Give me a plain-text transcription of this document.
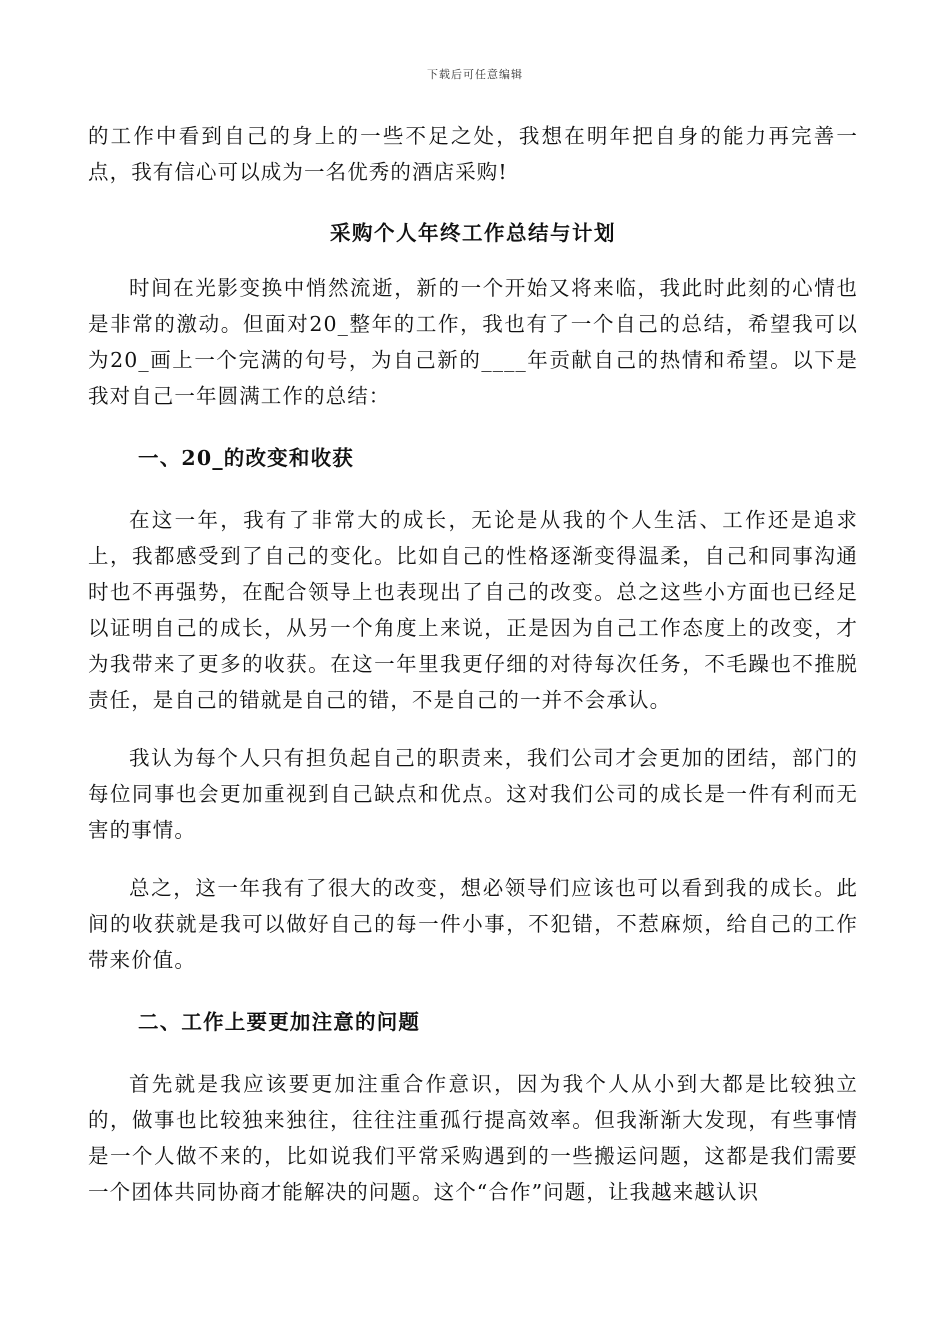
下载后可任意编辑

的工作中看到自己的身上的一些不足之处，我想在明年把自身的能力再完善一点，我有信心可以成为一名优秀的酒店采购!

采购个人年终工作总结与计划

时间在光影变换中悄然流逝，新的一个开始又将来临，我此时此刻的心情也是非常的激动。但面对20_整年的工作，我也有了一个自己的总结，希望我可以为20_画上一个完满的句号，为自己新的____年贡献自己的热情和希望。以下是我对自己一年圆满工作的总结：

一、20_的改变和收获

在这一年，我有了非常大的成长，无论是从我的个人生活、工作还是追求上，我都感受到了自己的变化。比如自己的性格逐渐变得温柔，自己和同事沟通时也不再强势，在配合领导上也表现出了自己的改变。总之这些小方面也已经足以证明自己的成长，从另一个角度上来说，正是因为自己工作态度上的改变，才为我带来了更多的收获。在这一年里我更仔细的对待每次任务，不毛躁也不推脱责任，是自己的错就是自己的错，不是自己的一并不会承认。

我认为每个人只有担负起自己的职责来，我们公司才会更加的团结，部门的每位同事也会更加重视到自己缺点和优点。这对我们公司的成长是一件有利而无害的事情。

总之，这一年我有了很大的改变，想必领导们应该也可以看到我的成长。此间的收获就是我可以做好自己的每一件小事，不犯错，不惹麻烦，给自己的工作带来价值。

二、工作上要更加注意的问题

首先就是我应该要更加注重合作意识，因为我个人从小到大都是比较独立的，做事也比较独来独往，往往注重孤行提高效率。但我渐渐大发现，有些事情是一个人做不来的，比如说我们平常采购遇到的一些搬运问题，这都是我们需要一个团体共同协商才能解决的问题。这个“合作”问题，让我越来越认识
